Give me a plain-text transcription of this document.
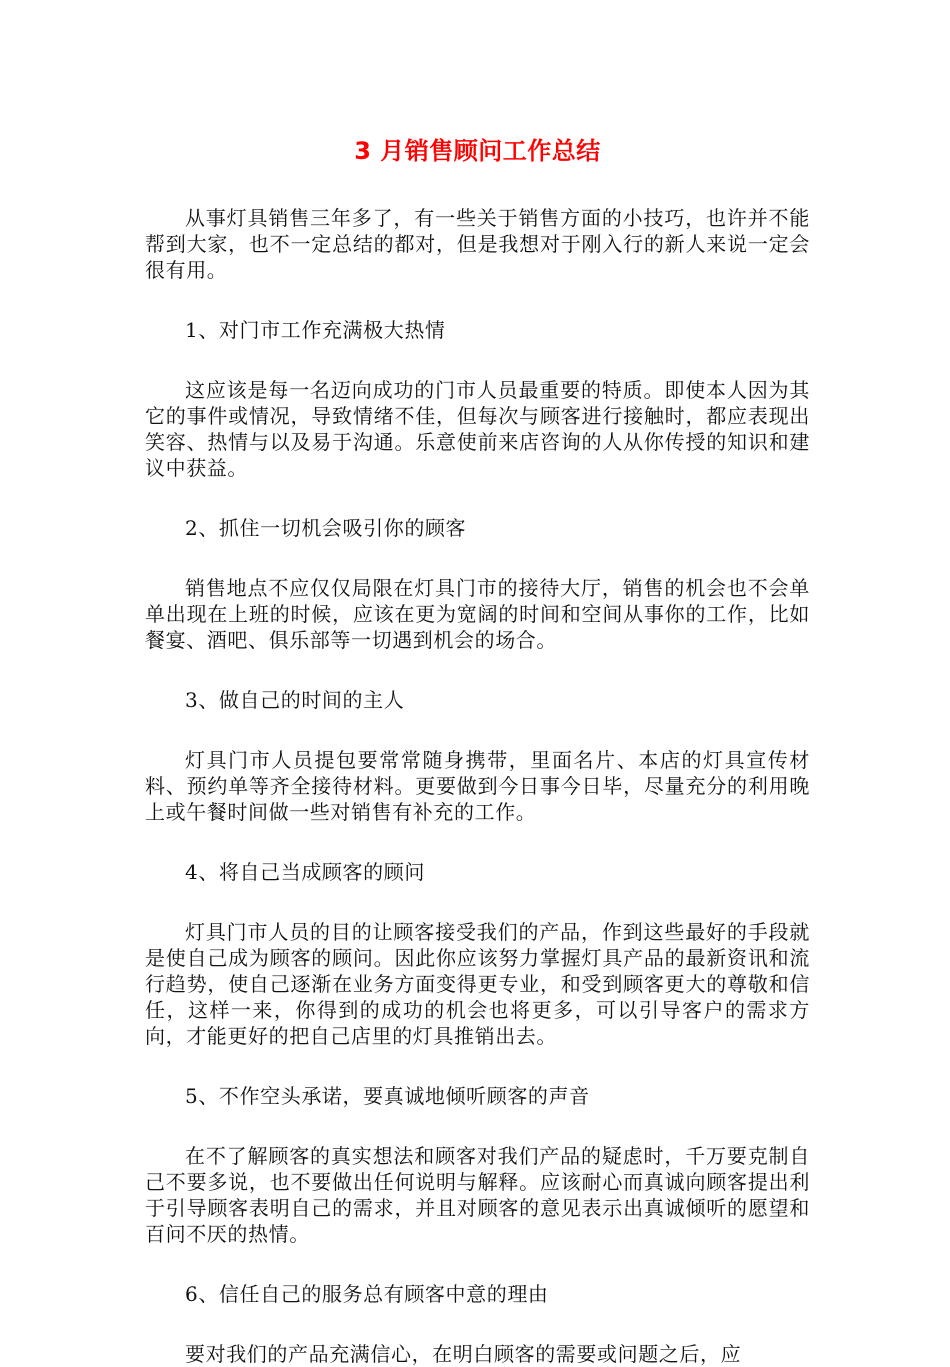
3 月销售顾问工作总结

从事灯具销售三年多了，有一些关于销售方面的小技巧，也许并不能帮到大家，也不一定总结的都对，但是我想对于刚入行的新人来说一定会很有用。

1、对门市工作充满极大热情

这应该是每一名迈向成功的门市人员最重要的特质。即使本人因为其它的事件或情况，导致情绪不佳，但每次与顾客进行接触时，都应表现出笑容、热情与以及易于沟通。乐意使前来店咨询的人从你传授的知识和建议中获益。

2、抓住一切机会吸引你的顾客

销售地点不应仅仅局限在灯具门市的接待大厅，销售的机会也不会单单出现在上班的时候，应该在更为宽阔的时间和空间从事你的工作，比如餐宴、酒吧、俱乐部等一切遇到机会的场合。

3、做自己的时间的主人

灯具门市人员提包要常常随身携带，里面名片、本店的灯具宣传材料、预约单等齐全接待材料。更要做到今日事今日毕，尽量充分的利用晚上或午餐时间做一些对销售有补充的工作。

4、将自己当成顾客的顾问

灯具门市人员的目的让顾客接受我们的产品，作到这些最好的手段就是使自己成为顾客的顾问。因此你应该努力掌握灯具产品的最新资讯和流行趋势，使自己逐渐在业务方面变得更专业，和受到顾客更大的尊敬和信任，这样一来，你得到的成功的机会也将更多，可以引导客户的需求方向，才能更好的把自己店里的灯具推销出去。

5、不作空头承诺，要真诚地倾听顾客的声音

在不了解顾客的真实想法和顾客对我们产品的疑虑时，千万要克制自己不要多说，也不要做出任何说明与解释。应该耐心而真诚向顾客提出利于引导顾客表明自己的需求，并且对顾客的意见表示出真诚倾听的愿望和百问不厌的热情。

6、信任自己的服务总有顾客中意的理由

要对我们的产品充满信心，在明白顾客的需要或问题之后，应
